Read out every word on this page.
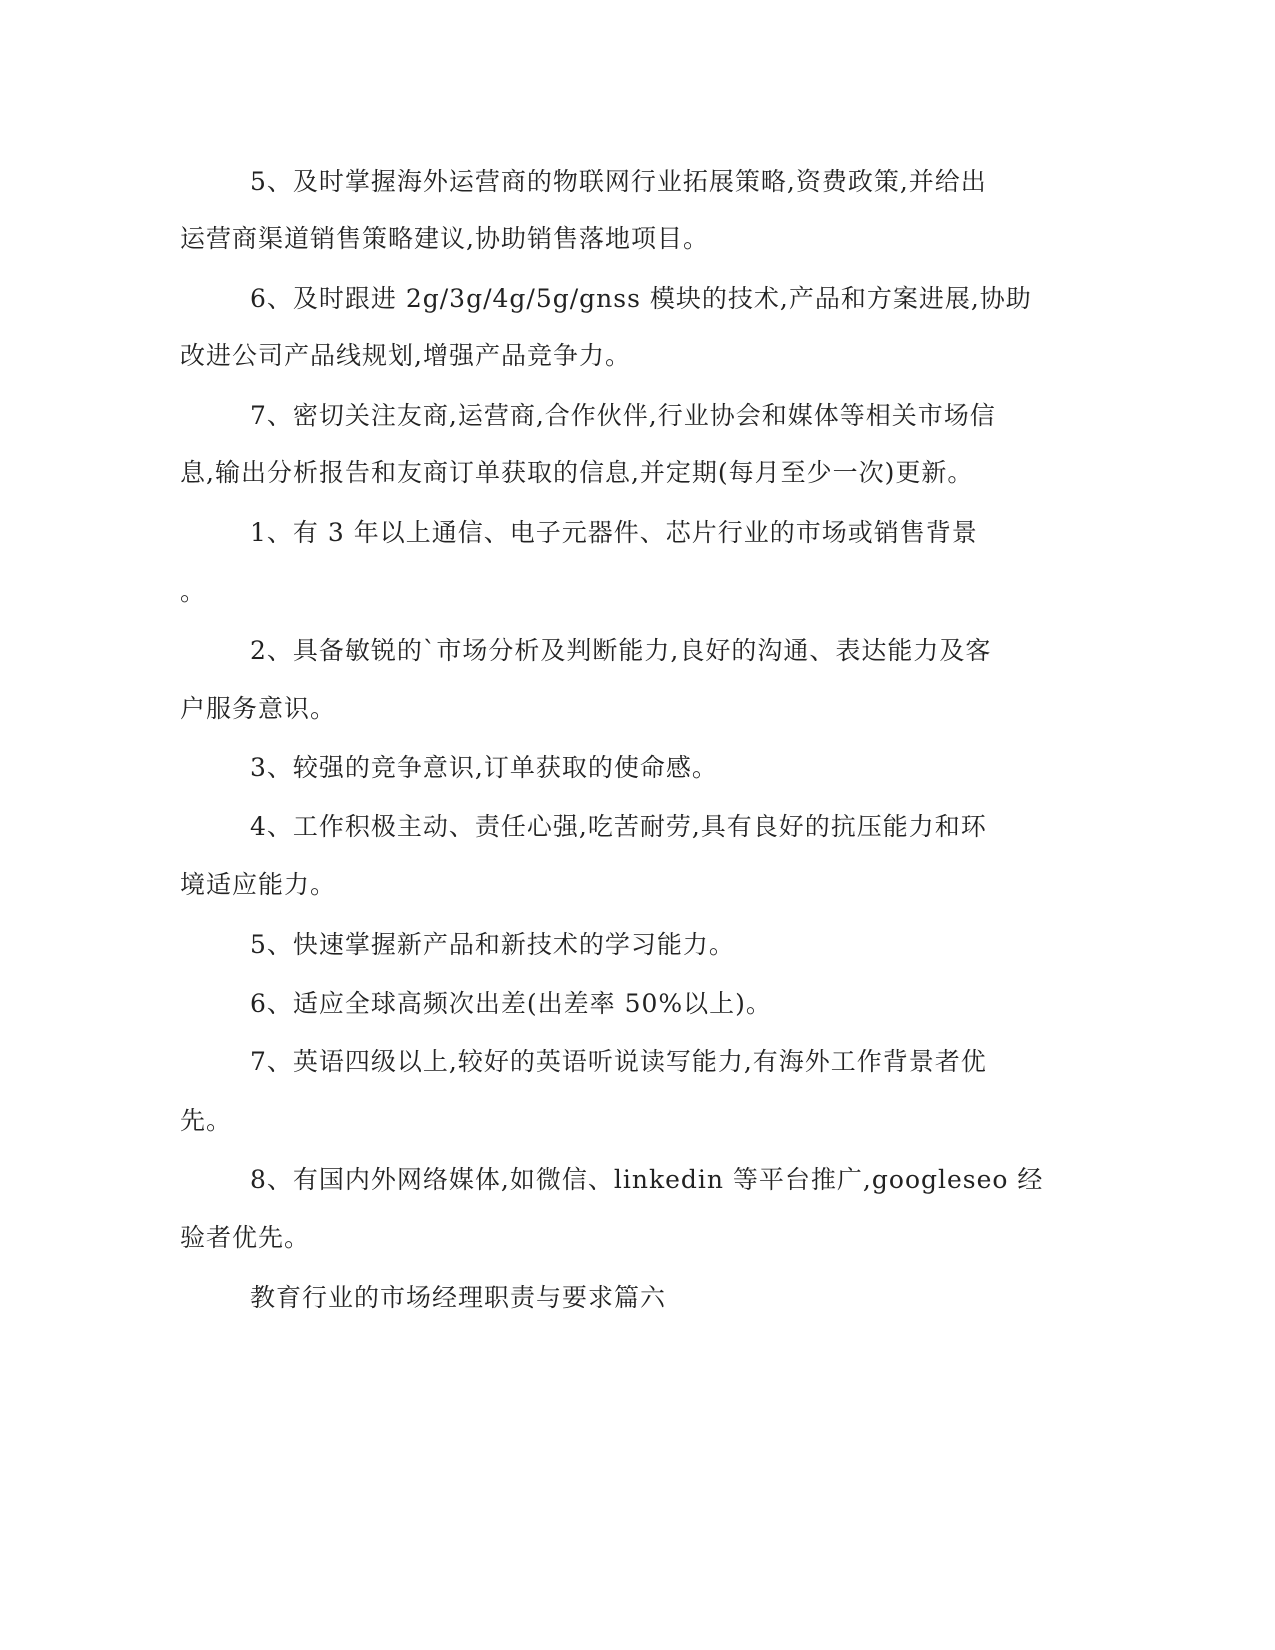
5、及时掌握海外运营商的物联网行业拓展策略,资费政策,并给出

运营商渠道销售策略建议,协助销售落地项目。

6、及时跟进 2g/3g/4g/5g/gnss 模块的技术,产品和方案进展,协助

改进公司产品线规划,增强产品竞争力。

7、密切关注友商,运营商,合作伙伴,行业协会和媒体等相关市场信

息,输出分析报告和友商订单获取的信息,并定期(每月至少一次)更新。

1、有 3 年以上通信、电子元器件、芯片行业的市场或销售背景

。

2、具备敏锐的`市场分析及判断能力,良好的沟通、表达能力及客

户服务意识。

3、较强的竞争意识,订单获取的使命感。

4、工作积极主动、责任心强,吃苦耐劳,具有良好的抗压能力和环

境适应能力。

5、快速掌握新产品和新技术的学习能力。

6、适应全球高频次出差(出差率 50%以上)。

7、英语四级以上,较好的英语听说读写能力,有海外工作背景者优

先。

8、有国内外网络媒体,如微信、linkedin 等平台推广,googleseo 经

验者优先。

教育行业的市场经理职责与要求篇六
